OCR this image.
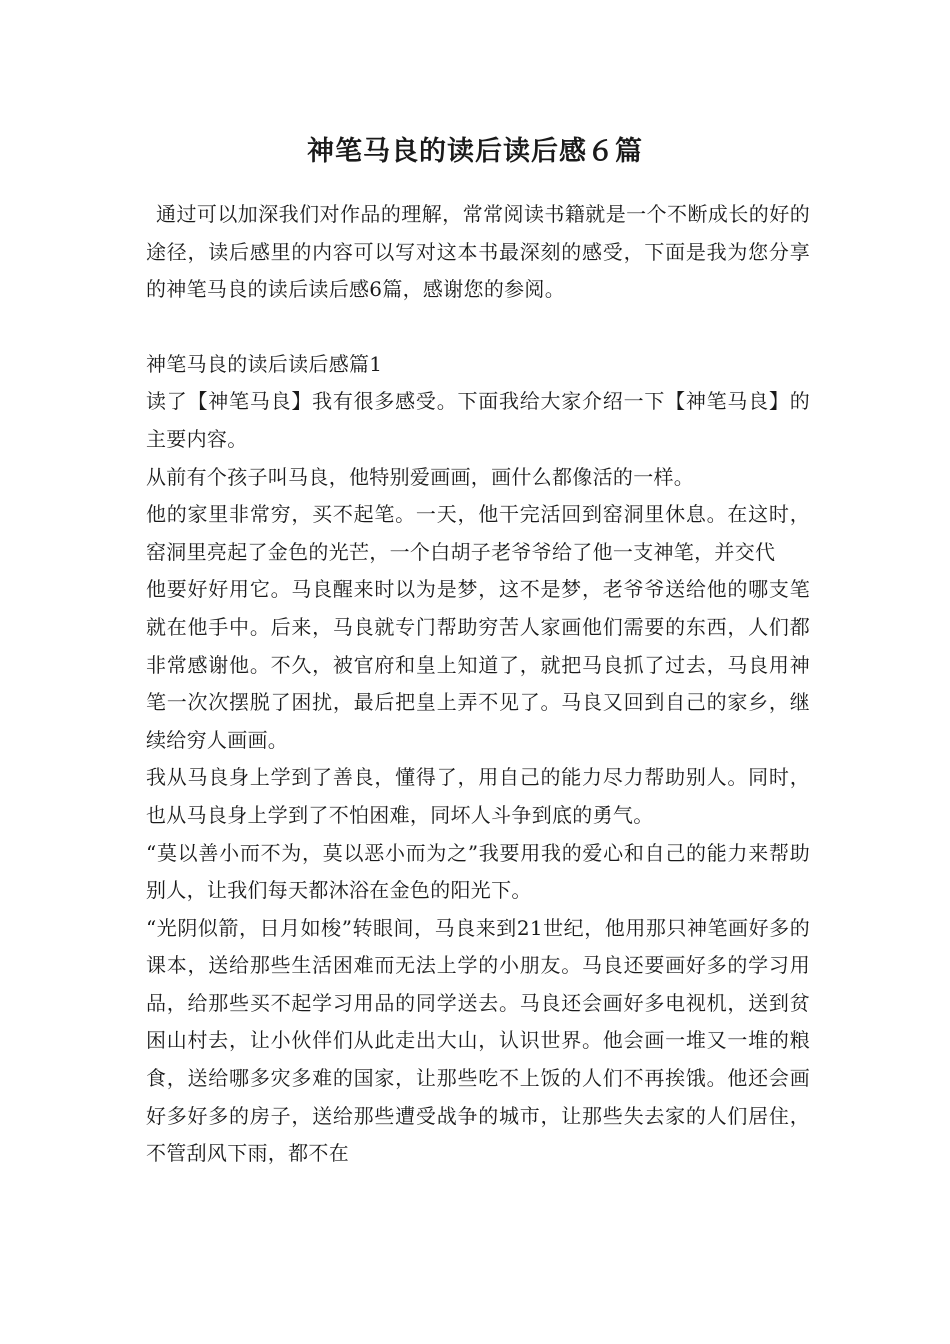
神笔马良的读后读后感６篇

通过可以加深我们对作品的理解，常常阅读书籍就是一个不断成长的好的途径，读后感里的内容可以写对这本书最深刻的感受，下面是我为您分享的神笔马良的读后读后感6篇，感谢您的参阅。

神笔马良的读后读后感篇1

读了【神笔马良】我有很多感受。下面我给大家介绍一下【神笔马良】的主要内容。

从前有个孩子叫马良，他特别爱画画，画什么都像活的一样。

他的家里非常穷，买不起笔。一天，他干完活回到窑洞里休息。在这时，窑洞里亮起了金色的光芒，一个白胡子老爷爷给了他一支神笔，并交代

他要好好用它。马良醒来时以为是梦，这不是梦，老爷爷送给他的哪支笔就在他手中。后来，马良就专门帮助穷苦人家画他们需要的东西，人们都非常感谢他。不久，被官府和皇上知道了，就把马良抓了过去，马良用神笔一次次摆脱了困扰，最后把皇上弄不见了。马良又回到自己的家乡，继续给穷人画画。

我从马良身上学到了善良，懂得了，用自己的能力尽力帮助别人。同时，也从马良身上学到了不怕困难，同坏人斗争到底的勇气。

“莫以善小而不为，莫以恶小而为之”我要用我的爱心和自己的能力来帮助别人，让我们每天都沐浴在金色的阳光下。

“光阴似箭，日月如梭”转眼间，马良来到21世纪，他用那只神笔画好多的课本，送给那些生活困难而无法上学的小朋友。马良还要画好多的学习用品，给那些买不起学习用品的同学送去。马良还会画好多电视机，送到贫困山村去，让小伙伴们从此走出大山，认识世界。他会画一堆又一堆的粮食，送给哪多灾多难的国家，让那些吃不上饭的人们不再挨饿。他还会画好多好多的房子，送给那些遭受战争的城市，让那些失去家的人们居住，不管刮风下雨，都不在
